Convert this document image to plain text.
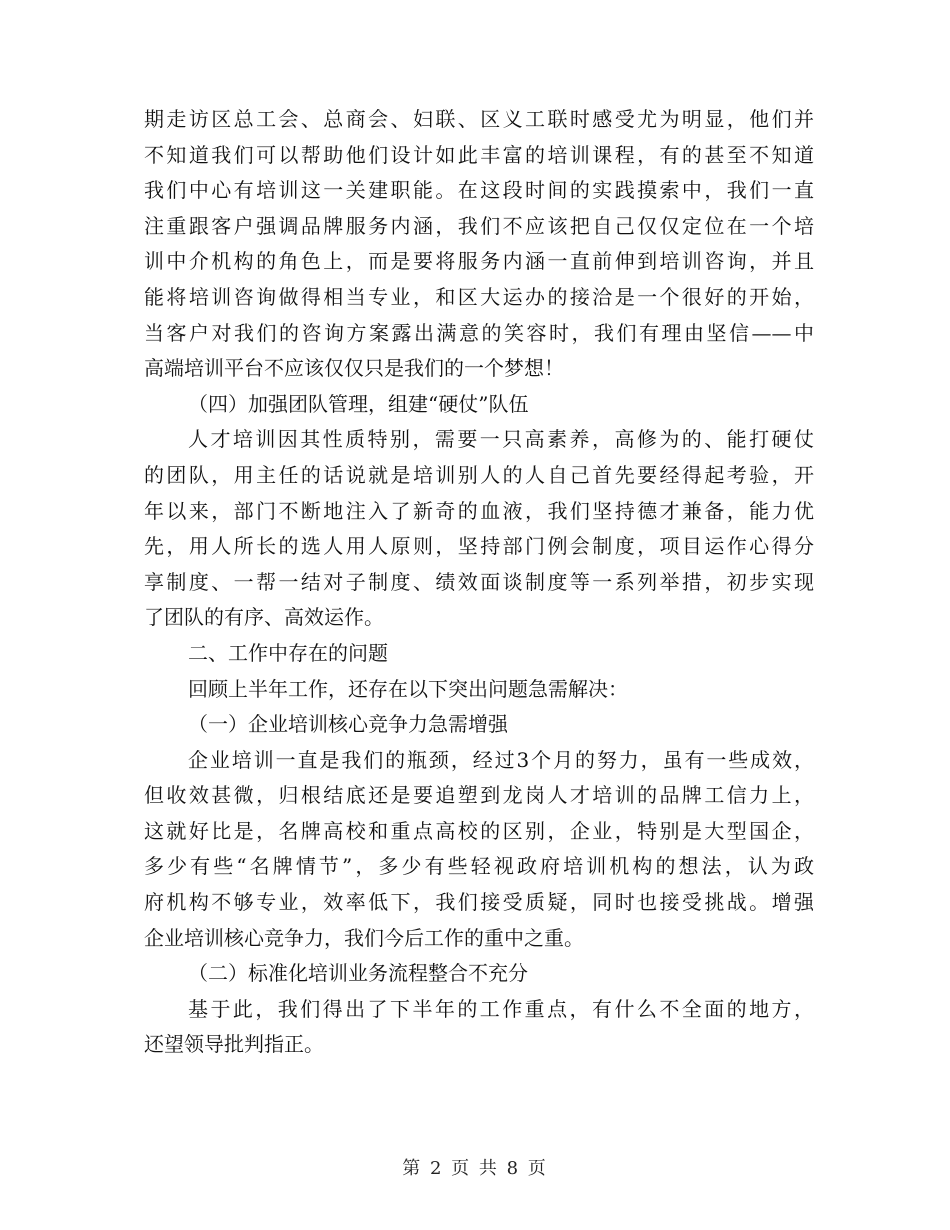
期走访区总工会、总商会、妇联、区义工联时感受尤为明显，他们并
不知道我们可以帮助他们设计如此丰富的培训课程，有的甚至不知道
我们中心有培训这一关建职能。在这段时间的实践摸索中，我们一直
注重跟客户强调品牌服务内涵，我们不应该把自己仅仅定位在一个培
训中介机构的角色上，而是要将服务内涵一直前伸到培训咨询，并且
能将培训咨询做得相当专业，和区大运办的接洽是一个很好的开始，
当客户对我们的咨询方案露出满意的笑容时，我们有理由坚信——中
高端培训平台不应该仅仅只是我们的一个梦想！
（四）加强团队管理，组建“硬仗”队伍
人才培训因其性质特别，需要一只高素养，高修为的、能打硬仗
的团队，用主任的话说就是培训别人的人自己首先要经得起考验，开
年以来，部门不断地注入了新奇的血液，我们坚持德才兼备，能力优
先，用人所长的选人用人原则，坚持部门例会制度，项目运作心得分
享制度、一帮一结对子制度、绩效面谈制度等一系列举措，初步实现
了团队的有序、高效运作。
二、工作中存在的问题
回顾上半年工作，还存在以下突出问题急需解决：
（一）企业培训核心竞争力急需增强
企业培训一直是我们的瓶颈，经过3个月的努力，虽有一些成效，
但收效甚微，归根结底还是要追塑到龙岗人才培训的品牌工信力上，
这就好比是，名牌高校和重点高校的区别，企业，特别是大型国企，
多少有些“名牌情节”，多少有些轻视政府培训机构的想法，认为政
府机构不够专业，效率低下，我们接受质疑，同时也接受挑战。增强
企业培训核心竞争力，我们今后工作的重中之重。
（二）标准化培训业务流程整合不充分
基于此，我们得出了下半年的工作重点，有什么不全面的地方，
还望领导批判指正。
第 2 页 共 8 页
